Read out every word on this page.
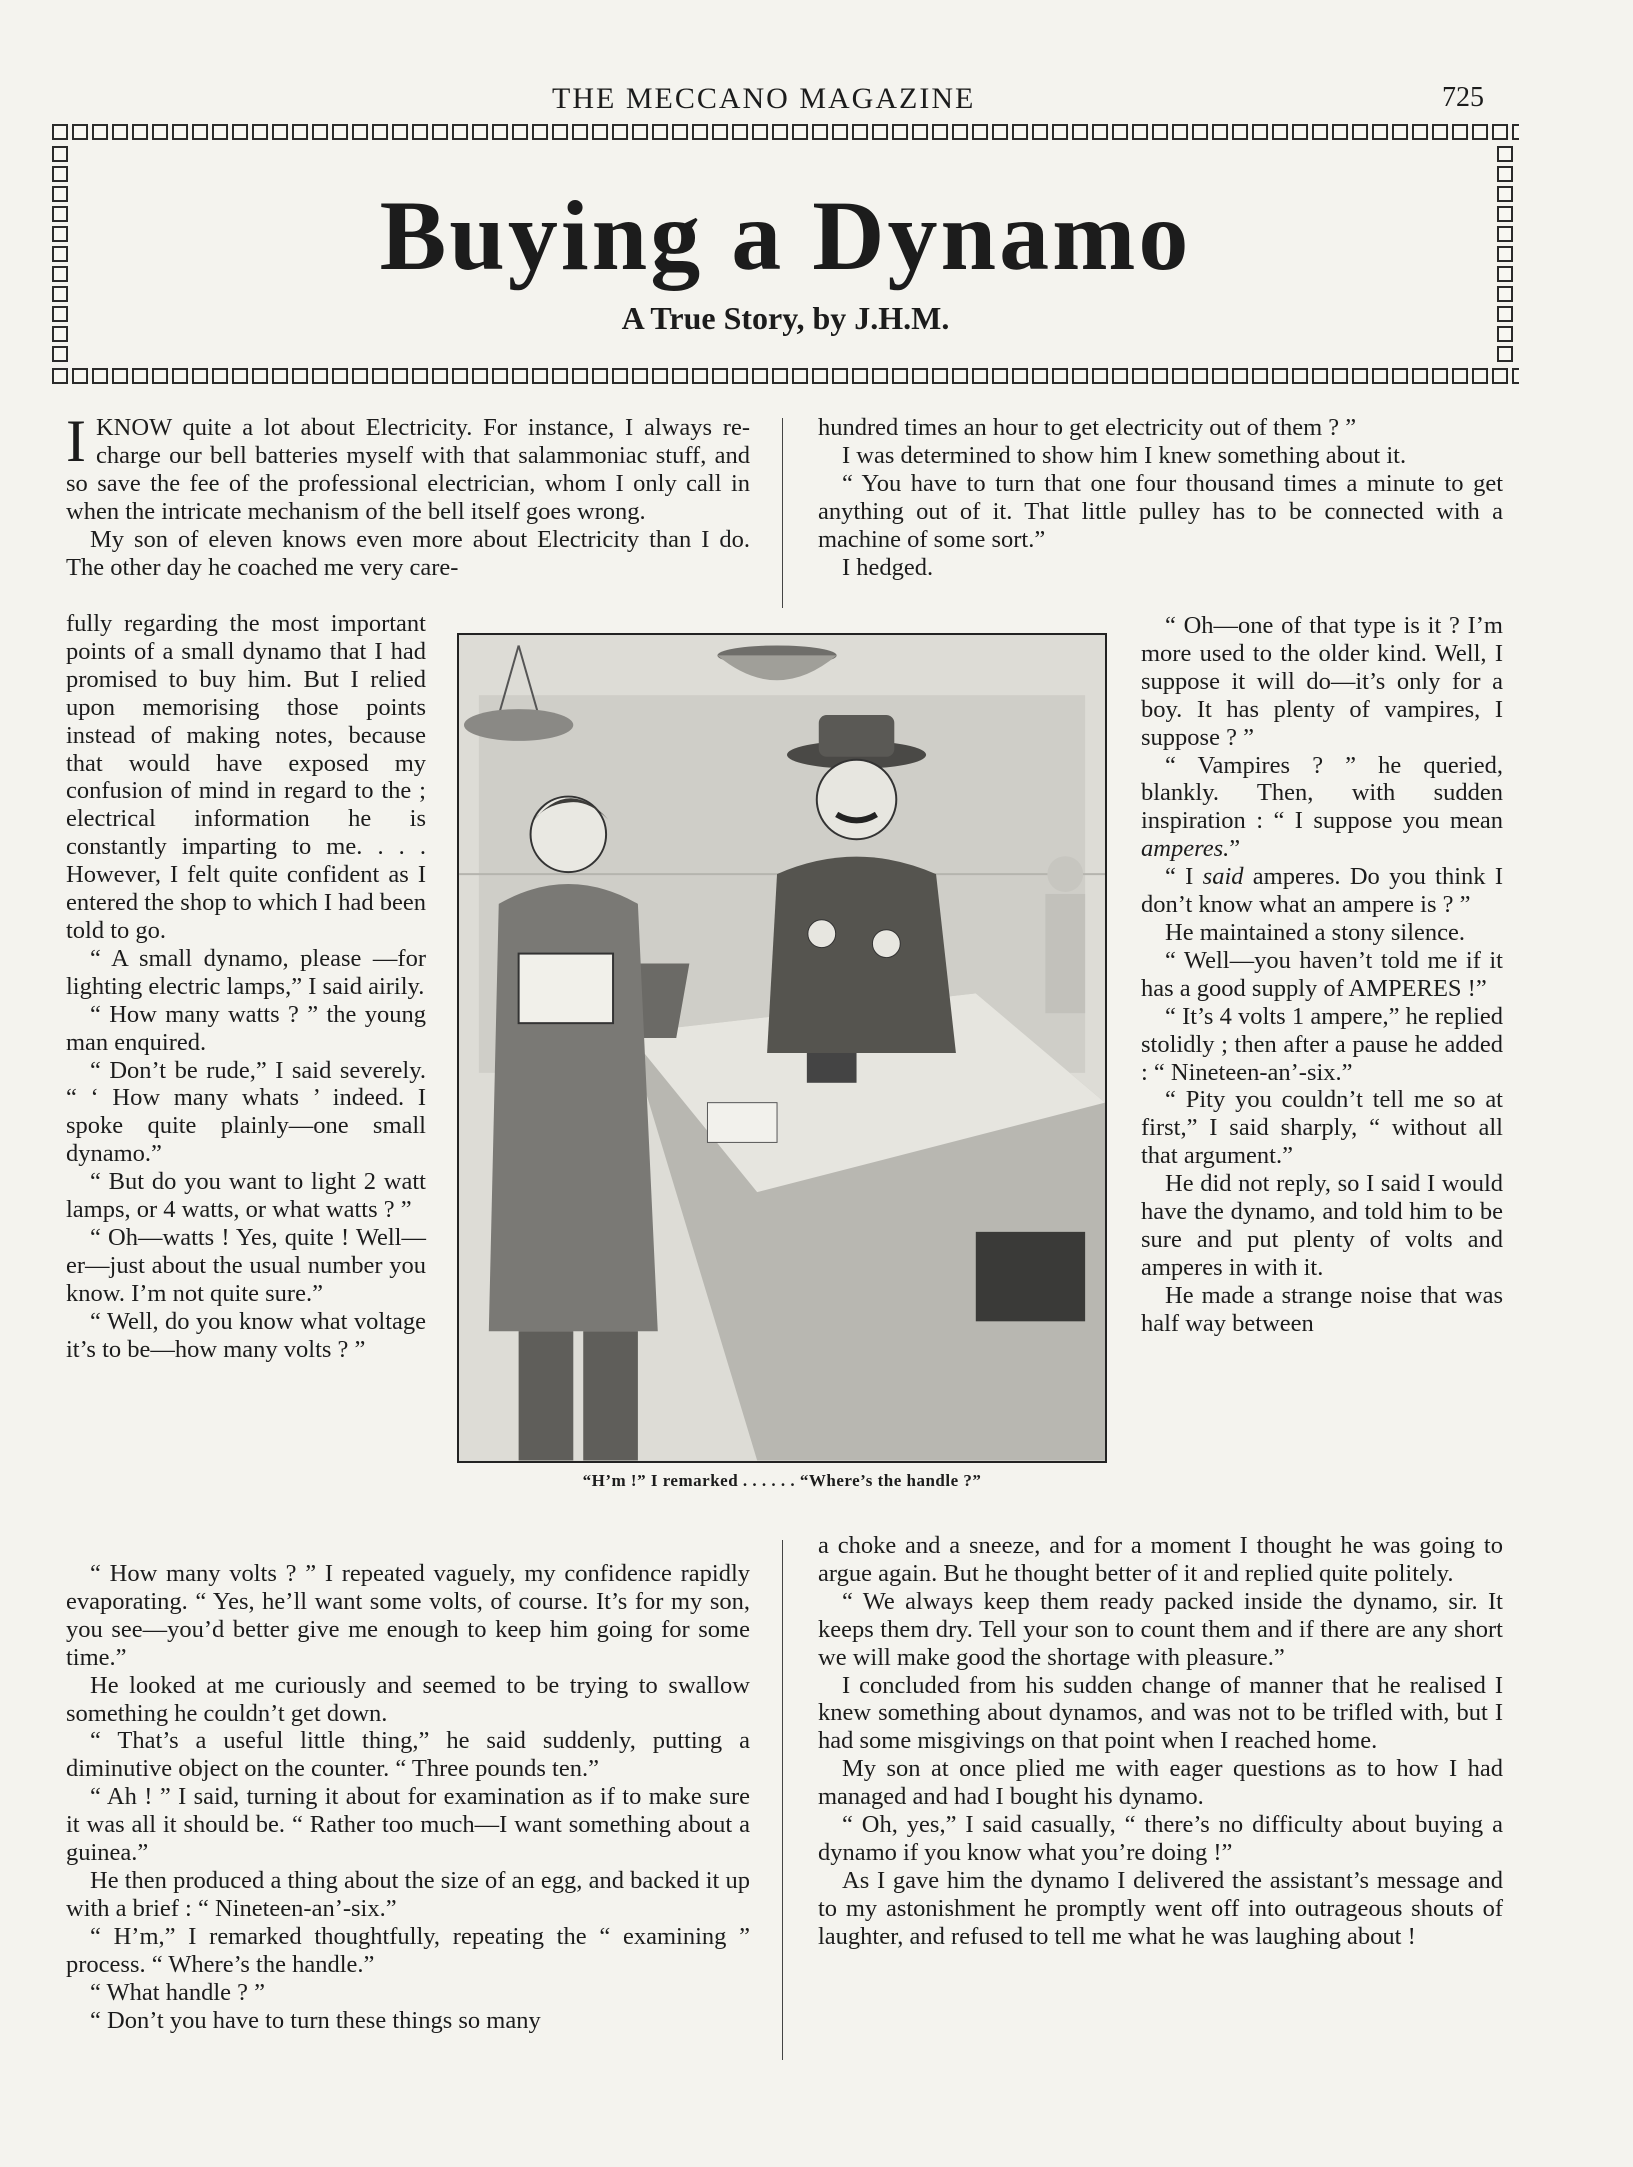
THE MECCANO MAGAZINE	725
Buying a Dynamo
A True Story, by J.H.M.

IKNOW quite a lot about Electricity. For instance, I always re-charge our bell batteries myself with that salammoniac stuff, and so save the fee of the professional electrician, whom I only call in when the intricate mechanism of the bell itself goes wrong.

My son of eleven knows even more about Electricity than I do. The other day he coached me very care-

fully regarding the most important points of a small dynamo that I had promised to buy him. But I relied upon memorising those points instead of making notes, because that would have exposed my confusion of mind in regard to the ; electrical information he is constantly imparting to me. . . . However, I felt quite confident as I entered the shop to which I had been told to go.

“ A small dynamo, please —for lighting electric lamps,” I said airily.

“ How many watts ? ” the young man enquired.

“ Don’t be rude,” I said severely. “ ‘ How many whats ’ indeed. I spoke quite plainly—one small dynamo.”

“ But do you want to light 2 watt lamps, or 4 watts, or what watts ? ”

“ Oh—watts ! Yes, quite ! Well—er—just about the usual number you know. I’m not quite sure.”

“ Well, do you know what voltage it’s to be—how many volts ? ”

“ How many volts ? ” I repeated vaguely, my confidence rapidly evaporating. “ Yes, he’ll want some volts, of course. It’s for my son, you see—you’d better give me enough to keep him going for some time.”

He looked at me curiously and seemed to be trying to swallow something he couldn’t get down.

“ That’s a useful little thing,” he said suddenly, putting a diminutive object on the counter. “ Three pounds ten.”

“ Ah ! ” I said, turning it about for examination as if to make sure it was all it should be. “ Rather too much—I want something about a guinea.”

He then produced a thing about the size of an egg, and backed it up with a brief : “ Nineteen-an’-six.”

“ H’m,” I remarked thoughtfully, repeating the “ examining ” process. “ Where’s the handle.”

“ What handle ? ”

“ Don’t you have to turn these things so many

hundred times an hour to get electricity out of them ? ”

I was determined to show him I knew something about it.

“ You have to turn that one four thousand times a minute to get anything out of it. That little pulley has to be connected with a machine of some sort.”

I hedged.

“ Oh—one of that type is it ? I’m more used to the older kind. Well, I suppose it will do—it’s only for a boy. It has plenty of vampires, I suppose ? ”

“ Vampires ? ” he queried, blankly. Then, with sudden inspiration : “ I suppose you mean amperes.”

“ I said amperes. Do you think I don’t know what an ampere is ? ”

He maintained a stony silence.

“ Well—you haven’t told me if it has a good supply of AMPERES !”

“ It’s 4 volts 1 ampere,” he replied stolidly ; then after a pause he added : “ Nineteen-an’-six.”

“ Pity you couldn’t tell me so at first,” I said sharply, “ without all that argument.”

He did not reply, so I said I would have the dynamo, and told him to be sure and put plenty of volts and amperes in with it.

He made a strange noise that was half way between

a choke and a sneeze, and for a moment I thought he was going to argue again. But he thought better of it and replied quite politely.

“ We always keep them ready packed inside the dynamo, sir. It keeps them dry. Tell your son to count them and if there are any short we will make good the shortage with pleasure.”

I concluded from his sudden change of manner that he realised I knew something about dynamos, and was not to be trifled with, but I had some misgivings on that point when I reached home.

My son at once plied me with eager questions as to how I had managed and had I bought his dynamo.

“ Oh, yes,” I said casually, “ there’s no difficulty about buying a dynamo if you know what you’re doing !”

As I gave him the dynamo I delivered the assistant’s message and to my astonishment he promptly went off into outrageous shouts of laughter, and refused to tell me what he was laughing about !

“H’m !” I remarked . . . . . . “Where’s the handle ?”
